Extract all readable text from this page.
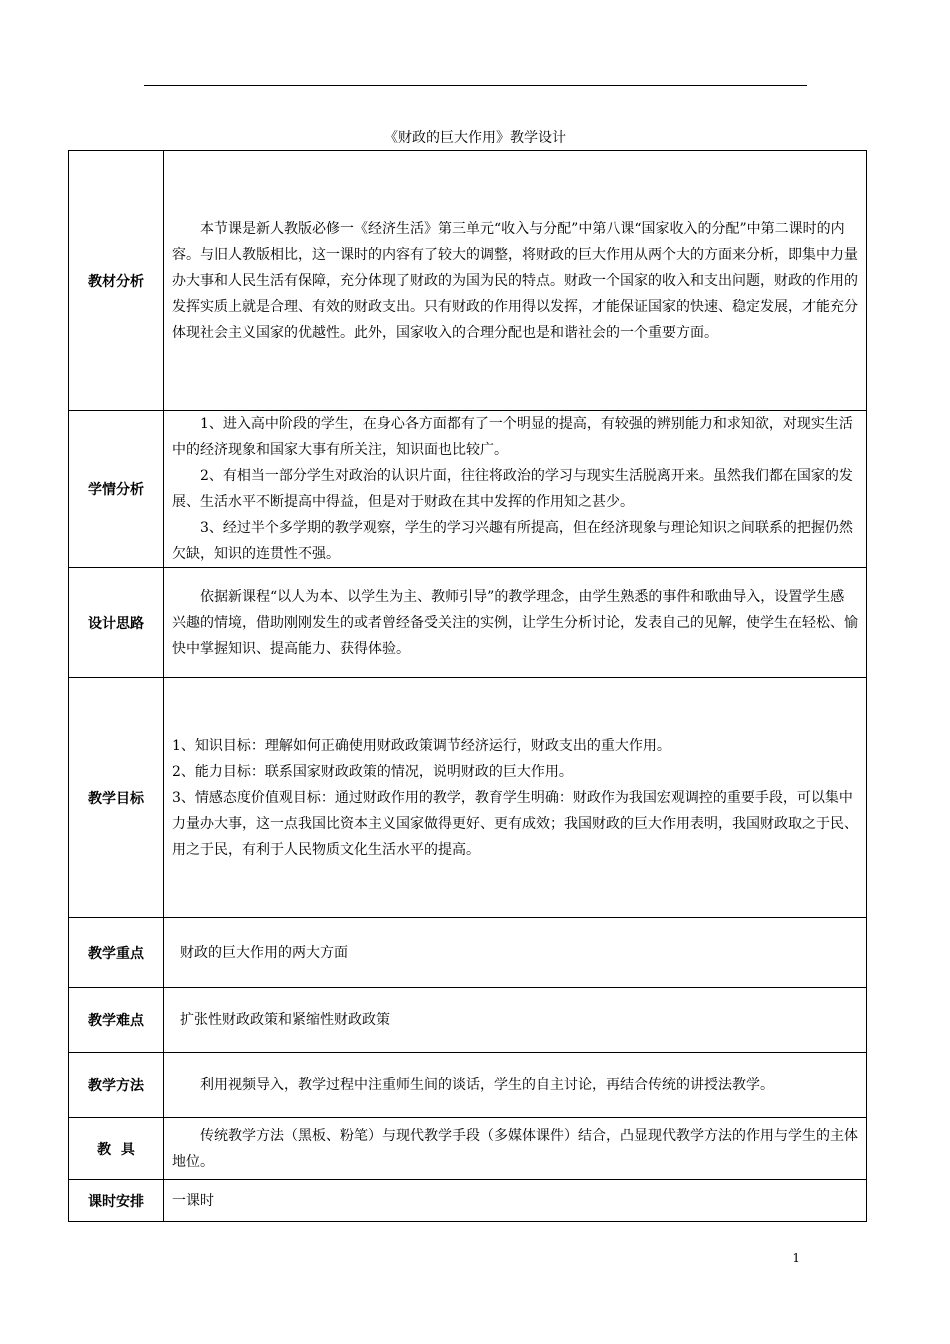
《财政的巨大作用》教学设计
教材分析	本节课是新人教版必修一《经济生活》第三单元“收入与分配”中第八课“国家收入的分配”中第二课时的内容。与旧人教版相比，这一课时的内容有了较大的调整，将财政的巨大作用从两个大的方面来分析，即集中力量办大事和人民生活有保障，充分体现了财政的为国为民的特点。财政一个国家的收入和支出问题，财政的作用的发挥实质上就是合理、有效的财政支出。只有财政的作用得以发挥，才能保证国家的快速、稳定发展，才能充分体现社会主义国家的优越性。此外，国家收入的合理分配也是和谐社会的一个重要方面。

学情分析	1、进入高中阶段的学生，在身心各方面都有了一个明显的提高，有较强的辨别能力和求知欲，对现实生活中的经济现象和国家大事有所关注，知识面也比较广。

2、有相当一部分学生对政治的认识片面，往往将政治的学习与现实生活脱离开来。虽然我们都在国家的发展、生活水平不断提高中得益，但是对于财政在其中发挥的作用知之甚少。

3、经过半个多学期的教学观察，学生的学习兴趣有所提高，但在经济现象与理论知识之间联系的把握仍然欠缺，知识的连贯性不强。

设计思路	依据新课程“以人为本、以学生为主、教师引导”的教学理念，由学生熟悉的事件和歌曲导入，设置学生感兴趣的情境，借助刚刚发生的或者曾经备受关注的实例，让学生分析讨论，发表自己的见解，使学生在轻松、愉快中掌握知识、提高能力、获得体验。

教学目标	1、知识目标：理解如何正确使用财政政策调节经济运行，财政支出的重大作用。

2、能力目标：联系国家财政政策的情况，说明财政的巨大作用。

3、情感态度价值观目标：通过财政作用的教学，教育学生明确：财政作为我国宏观调控的重要手段，可以集中力量办大事，这一点我国比资本主义国家做得更好、更有成效；我国财政的巨大作用表明，我国财政取之于民、用之于民，有利于人民物质文化生活水平的提高。

教学重点	财政的巨大作用的两大方面

教学难点	扩张性财政政策和紧缩性财政政策

教学方法	利用视频导入，教学过程中注重师生间的谈话，学生的自主讨论，再结合传统的讲授法教学。

教  具	传统教学方法（黑板、粉笔）与现代教学手段（多媒体课件）结合，凸显现代教学方法的作用与学生的主体地位。

课时安排	一课时

1
